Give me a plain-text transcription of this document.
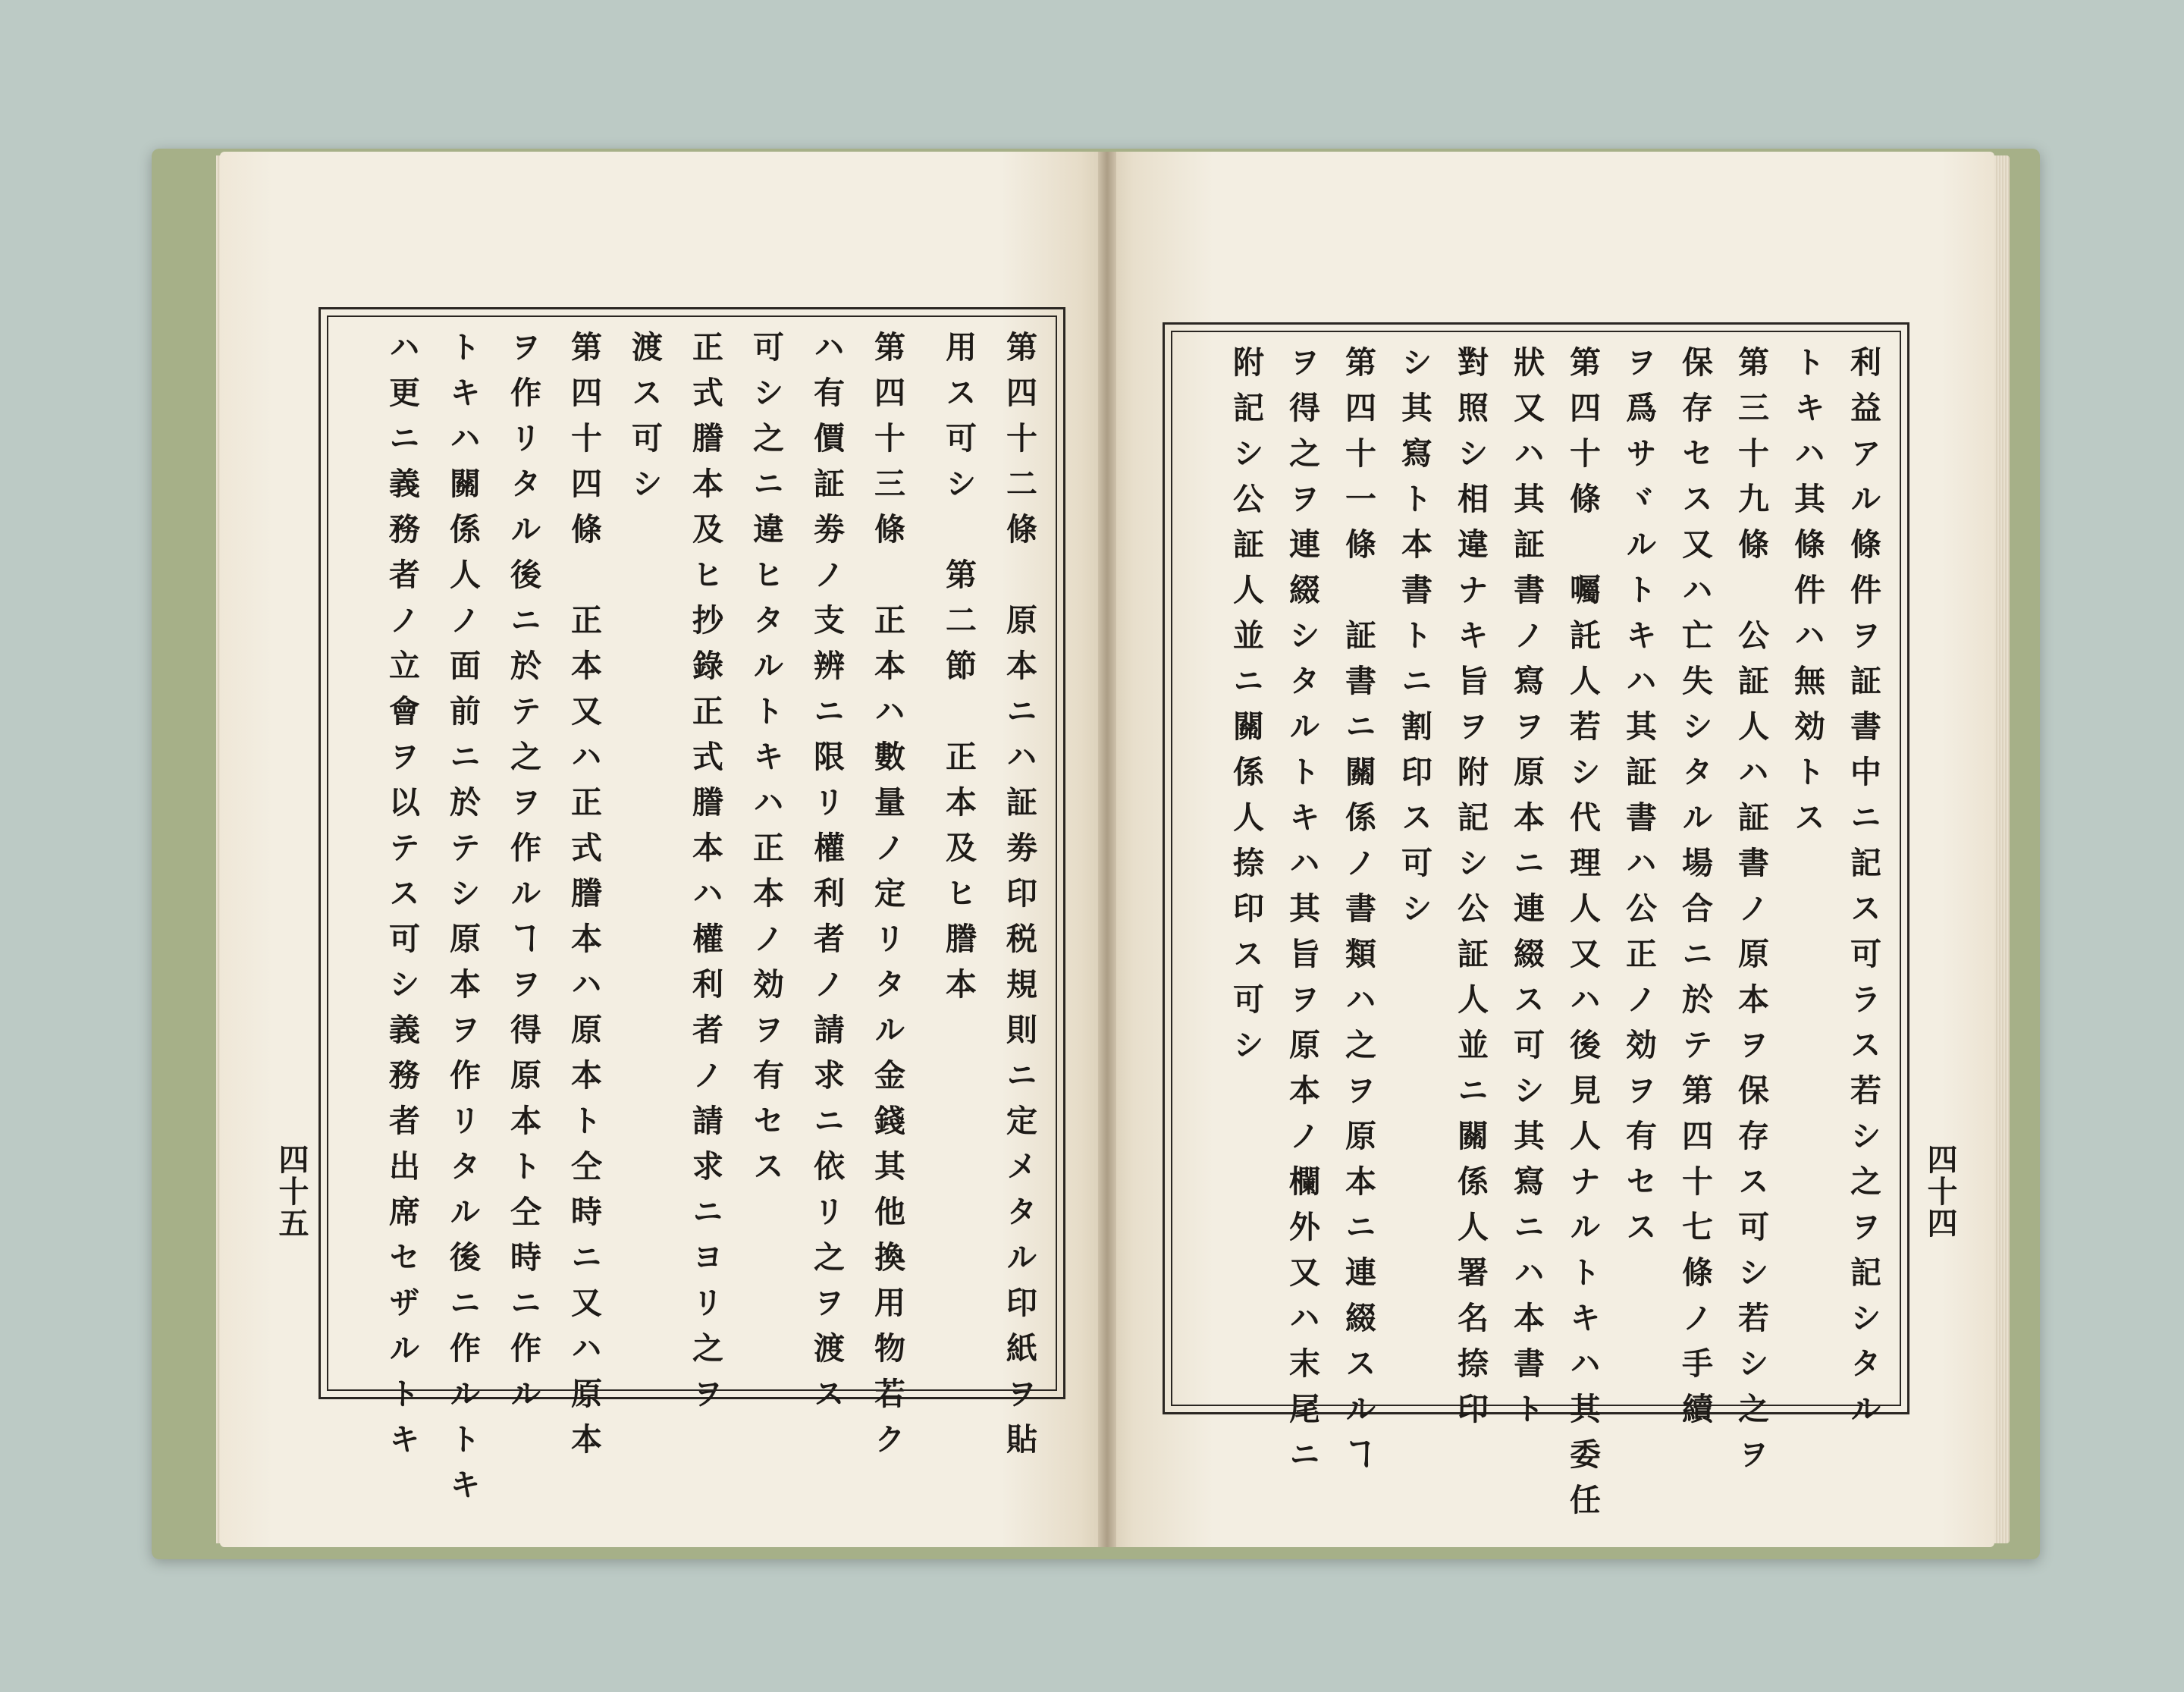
第四十二條　原本ニハ証劵印税規則ニ定メタル印紙ヲ貼
用ス可シ　第二節　正本及ヒ謄本
第四十三條　正本ハ數量ノ定リタル金錢其他換用物若ク
ハ有價証劵ノ支辨ニ限リ權利者ノ請求ニ依リ之ヲ渡ス
可シ之ニ違ヒタルトキハ正本ノ効ヲ有セス
正式謄本及ヒ抄錄正式謄本ハ權利者ノ請求ニヨリ之ヲ
渡ス可シ
第四十四條　正本又ハ正式謄本ハ原本ト仝時ニ又ハ原本
ヲ作リタル後ニ於テ之ヲ作ルヿヲ得原本ト仝時ニ作ル
トキハ關係人ノ面前ニ於テシ原本ヲ作リタル後ニ作ルトキ
ハ更ニ義務者ノ立會ヲ以テス可シ義務者出席セザルトキ	利益アル條件ヲ証書中ニ記ス可ラス若シ之ヲ記シタル
トキハ其條件ハ無効トス
第三十九條　公証人ハ証書ノ原本ヲ保存ス可シ若シ之ヲ
保存セス又ハ亡失シタル場合ニ於テ第四十七條ノ手續
ヲ爲サヾルトキハ其証書ハ公正ノ効ヲ有セス
第四十條　囑託人若シ代理人又ハ後見人ナルトキハ其委任
狀又ハ其証書ノ寫ヲ原本ニ連綴ス可シ其寫ニハ本書ト
對照シ相違ナキ旨ヲ附記シ公証人並ニ關係人署名捺印
シ其寫ト本書トニ割印ス可シ
第四十一條　証書ニ關係ノ書類ハ之ヲ原本ニ連綴スルヿ
ヲ得之ヲ連綴シタルトキハ其旨ヲ原本ノ欄外又ハ末尾ニ
附記シ公証人並ニ關係人捺印ス可シ
四十五	四十四
